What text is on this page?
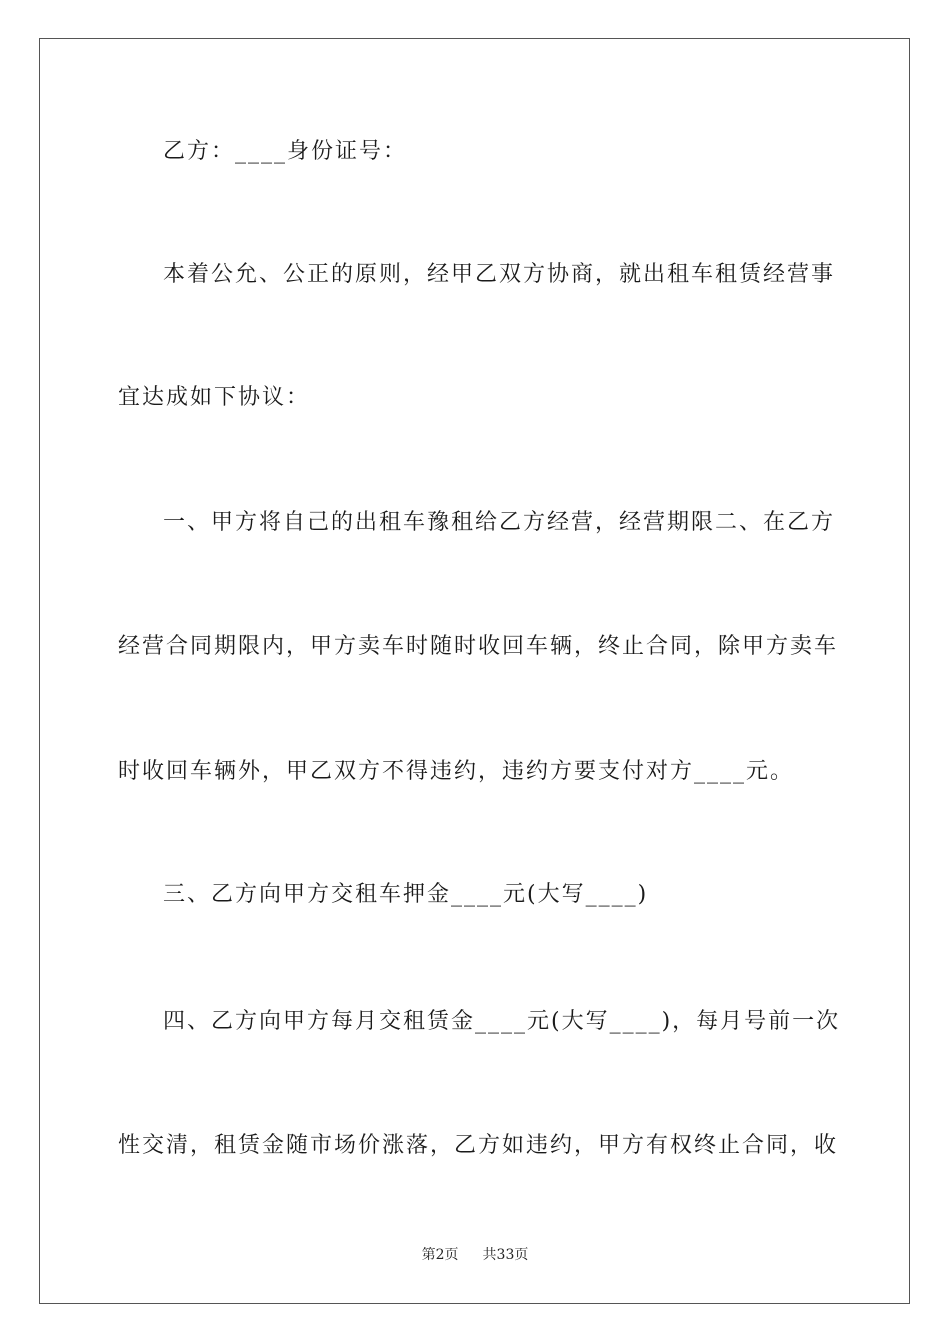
乙方：____身份证号：
本着公允、公正的原则，经甲乙双方协商，就出租车租赁经营事
宜达成如下协议：
一、甲方将自己的出租车豫租给乙方经营，经营期限二、在乙方
经营合同期限内，甲方卖车时随时收回车辆，终止合同，除甲方卖车
时收回车辆外，甲乙双方不得违约，违约方要支付对方____元。
三、乙方向甲方交租车押金____元(大写____)
四、乙方向甲方每月交租赁金____元(大写____)，每月号前一次
性交清，租赁金随市场价涨落，乙方如违约，甲方有权终止合同，收
第2页 共33页
